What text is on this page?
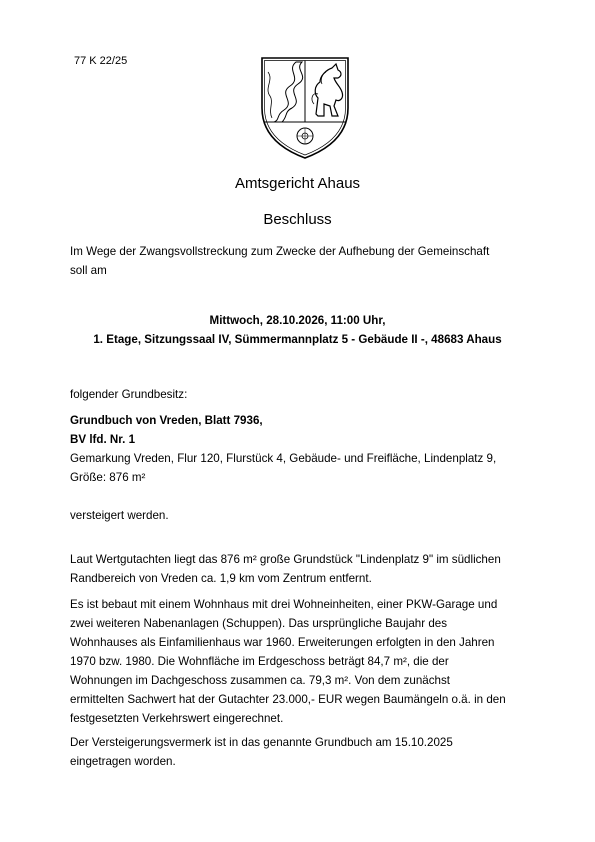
77 K 22/25
Amtsgericht Ahaus
Beschluss

Im Wege der Zwangsvollstreckung zum Zwecke der Aufhebung der Gemeinschaft

soll am

Mittwoch, 28.10.2026, 11:00 Uhr,
1. Etage, Sitzungssaal IV, Sümmermannplatz 5 - Gebäude II -, 48683 Ahaus
folgender Grundbesitz:

Grundbuch von Vreden, Blatt 7936,

BV lfd. Nr. 1

Gemarkung Vreden, Flur 120, Flurstück 4, Gebäude- und Freifläche, Lindenplatz 9,

Größe: 876 m²

versteigert werden.

Laut Wertgutachten liegt das 876 m² große Grundstück "Lindenplatz 9" im südlichen

Randbereich von Vreden ca. 1,9 km vom Zentrum entfernt.

Es ist bebaut mit einem Wohnhaus mit drei Wohneinheiten, einer PKW-Garage und

zwei weiteren Nabenanlagen (Schuppen). Das ursprüngliche Baujahr des

Wohnhauses als Einfamilienhaus war 1960. Erweiterungen erfolgten in den Jahren

1970 bzw. 1980. Die Wohnfläche im Erdgeschoss beträgt 84,7 m², die der

Wohnungen im Dachgeschoss zusammen ca. 79,3 m². Von dem zunächst

ermittelten Sachwert hat der Gutachter 23.000,- EUR wegen Baumängeln o.ä. in den

festgesetzten Verkehrswert eingerechnet.

Der Versteigerungsvermerk ist in das genannte Grundbuch am 15.10.2025

eingetragen worden.
